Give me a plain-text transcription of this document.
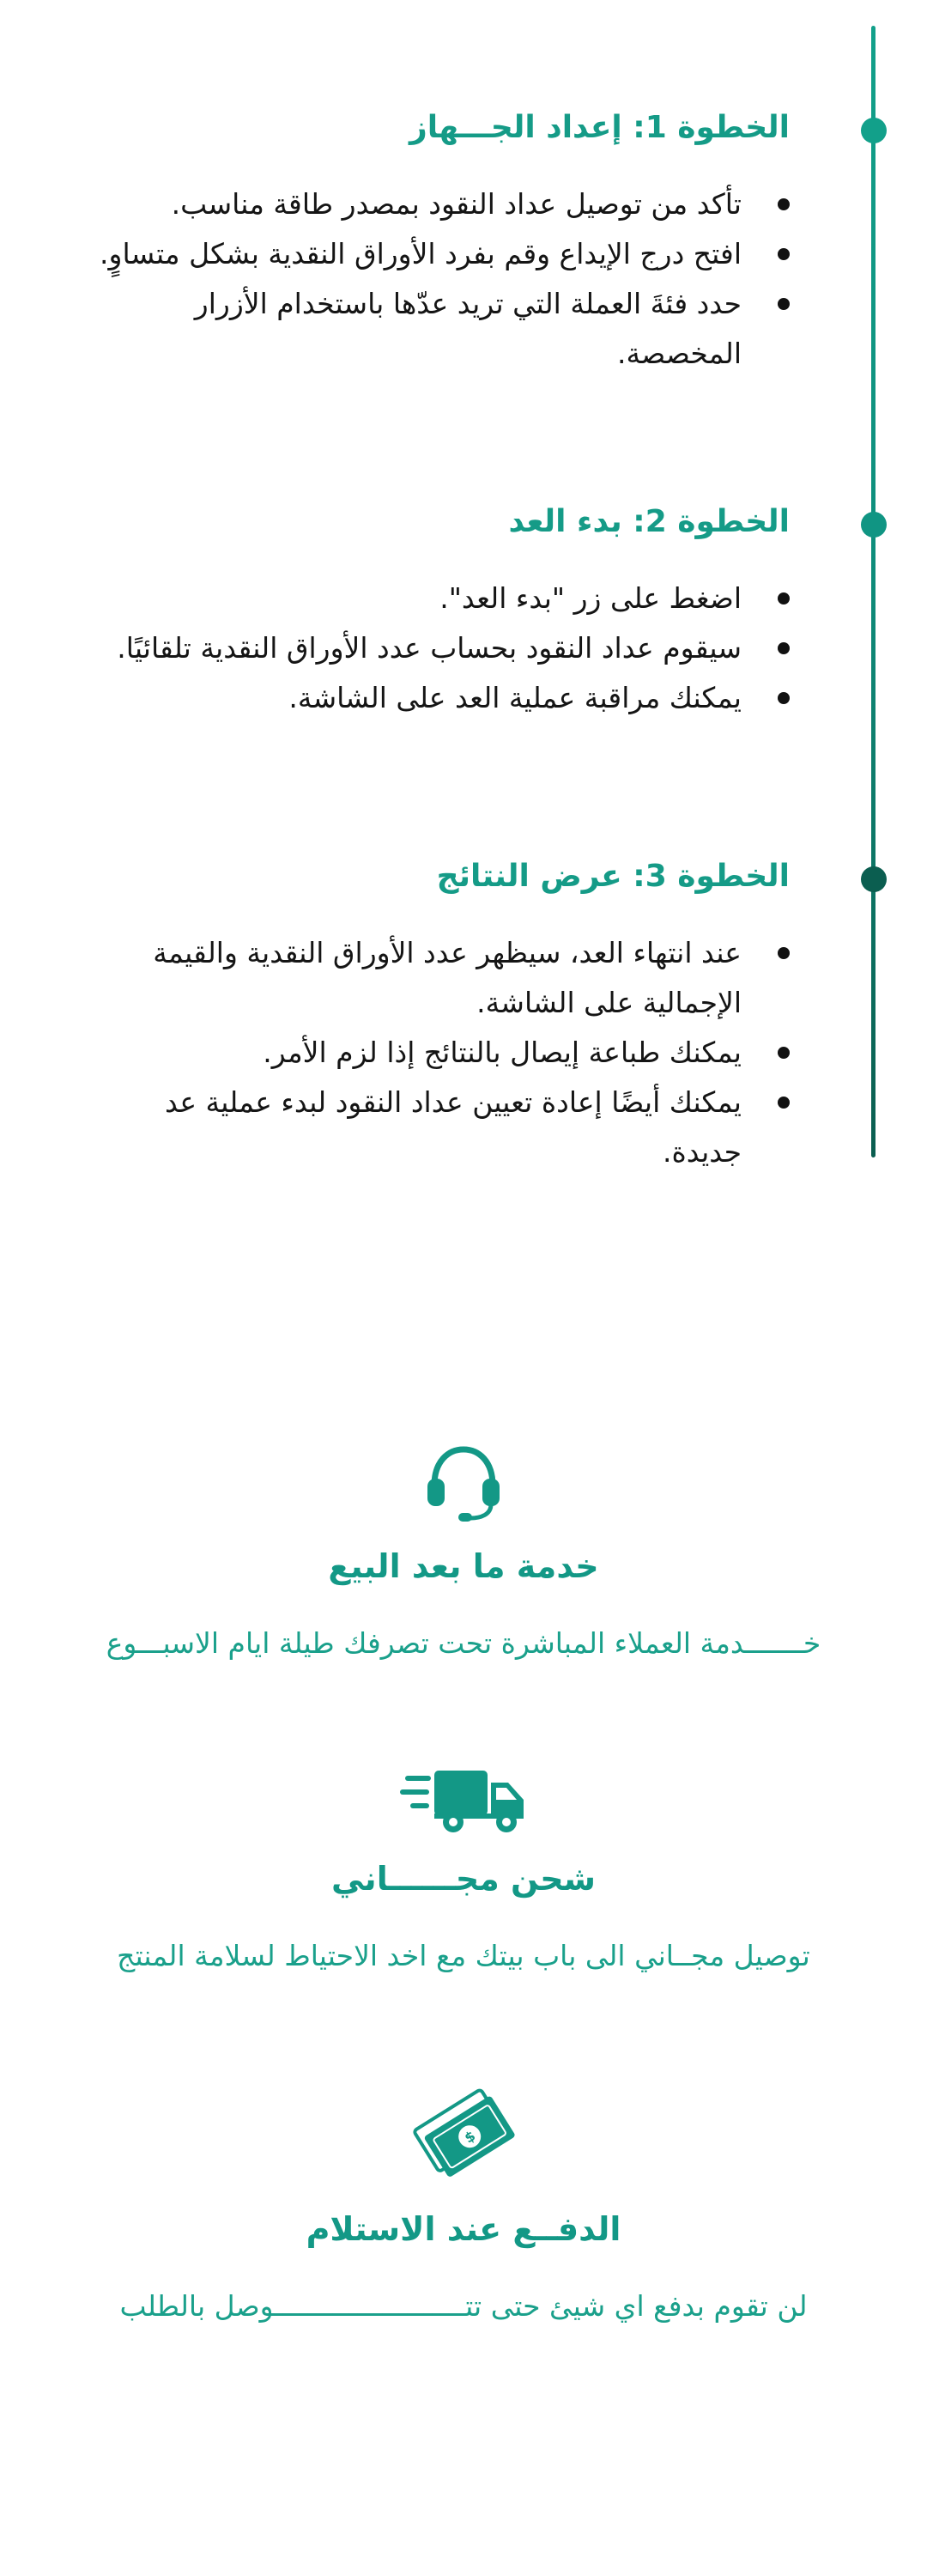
الخطوة 1: إعداد الجـــهاز
تأكد من توصيل عداد النقود بمصدر طاقة مناسب.
افتح درج الإيداع وقم بفرد الأوراق النقدية بشكل متساوٍ.
حدد فئةَ العملة التي تريد عدّها باستخدام الأزرار المخصصة.
الخطوة 2: بدء العد
اضغط على زر "بدء العد".
سيقوم عداد النقود بحساب عدد الأوراق النقدية تلقائيًا.
يمكنك مراقبة عملية العد على الشاشة.
الخطوة 3: عرض النتائج
عند انتهاء العد، سيظهر عدد الأوراق النقدية والقيمة الإجمالية على الشاشة.
يمكنك طباعة إيصال بالنتائج إذا لزم الأمر.
يمكنك أيضًا إعادة تعيين عداد النقود لبدء عملية عد جديدة.
خدمة ما بعد البيع

خـــــــدمة العملاء المباشرة تحت تصرفك طيلة ايام الاسبـــوع

شحن مجــــــاني

توصيل مجــاني الى باب بيتك مع اخد الاحتياط لسلامة المنتج

$
الدفــع عند الاستلام

لن تقوم بدفع اي شيئ حتى تتـــــــــــــــــــــــوصل بالطلب
